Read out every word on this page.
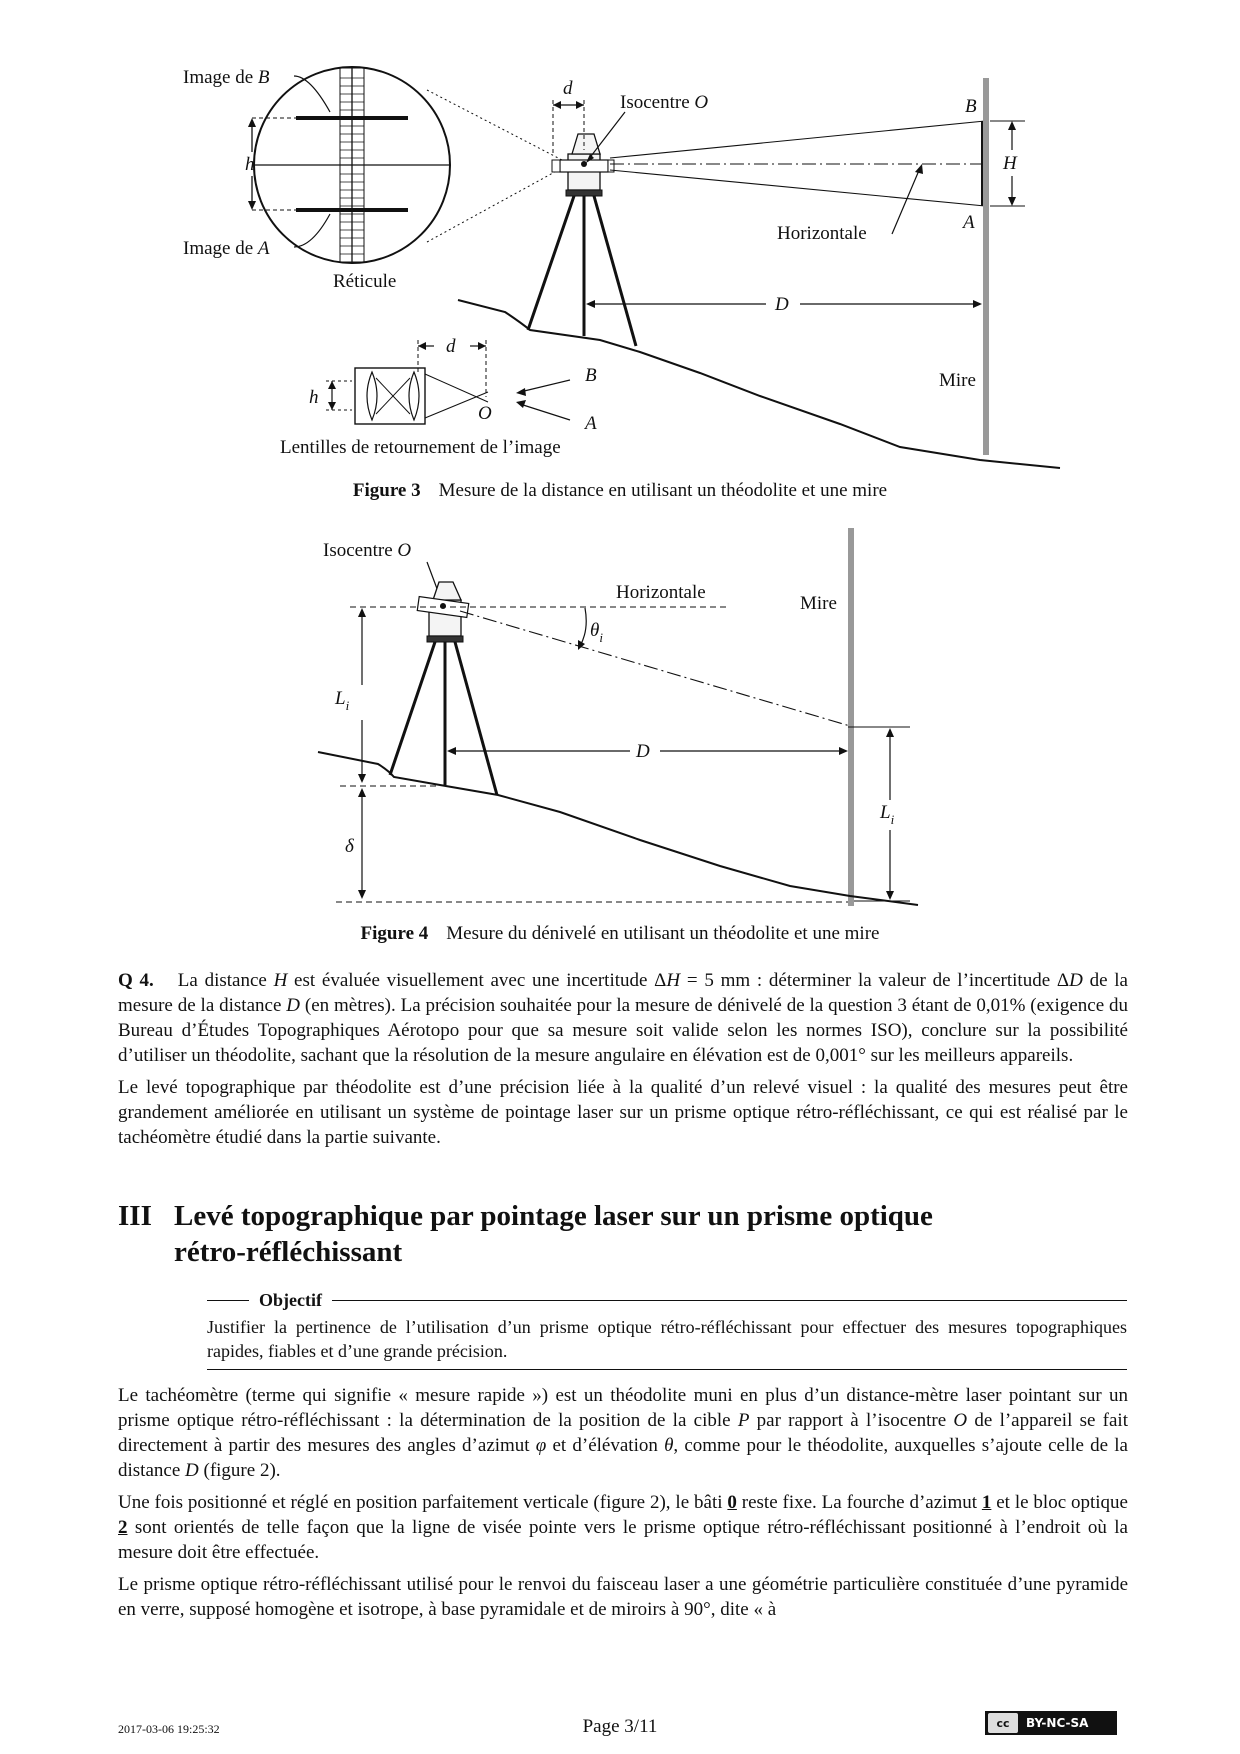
Image de B
Image de A
h
Réticule
d
Isocentre O	B
H
A
Horizontale
D
Mire
d
h
B
A
O
Lentilles de retournement de l’image
Figure 3 Mesure de la distance en utilisant un théodolite et une mire
Isocentre O
Horizontale
$\theta_i$
Mire
$L_i$
δ
D
$L_i$
Figure 4 Mesure du dénivelé en utilisant un théodolite et une mire

Q 4. La distance H est évaluée visuellement avec une incertitude ΔH = 5 mm : déterminer la valeur de l’incertitude ΔD de la mesure de la distance D (en mètres). La précision souhaitée pour la mesure de dénivelé de la question 3 étant de 0,01% (exigence du Bureau d’Études Topographiques Aérotopo pour que sa mesure soit valide selon les normes ISO), conclure sur la possibilité d’utiliser un théodolite, sachant que la résolution de la mesure angulaire en élévation est de 0,001° sur les meilleurs appareils.

Le levé topographique par théodolite est d’une précision liée à la qualité d’un relevé visuel : la qualité des mesures peut être grandement améliorée en utilisant un système de pointage laser sur un prisme optique rétro-réfléchissant, ce qui est réalisé par le tachéomètre étudié dans la partie suivante.

III Levé topographique par pointage laser sur un prisme optique
rétro-réfléchissant
Objectif
Justifier la pertinence de l’utilisation d’un prisme optique rétro-réfléchissant pour effectuer des mesures topographiques rapides, fiables et d’une grande précision.

Le tachéomètre (terme qui signifie « mesure rapide ») est un théodolite muni en plus d’un distance-mètre laser pointant sur un prisme optique rétro-réfléchissant : la détermination de la position de la cible P par rapport à l’isocentre O de l’appareil se fait directement à partir des mesures des angles d’azimut φ et d’élévation θ, comme pour le théodolite, auxquelles s’ajoute celle de la distance D (figure 2).

Une fois positionné et réglé en position parfaitement verticale (figure 2), le bâti 0 reste fixe. La fourche d’azimut 1 et le bloc optique 2 sont orientés de telle façon que la ligne de visée pointe vers le prisme optique rétro-réfléchissant positionné à l’endroit où la mesure doit être effectuée.

Le prisme optique rétro-réfléchissant utilisé pour le renvoi du faisceau laser a une géométrie particulière constituée d’une pyramide en verre, supposé homogène et isotrope, à base pyramidale et de miroirs à 90°, dite « à

2017-03-06 19:25:32	Page 3/11	cc	BY-NC-SA
